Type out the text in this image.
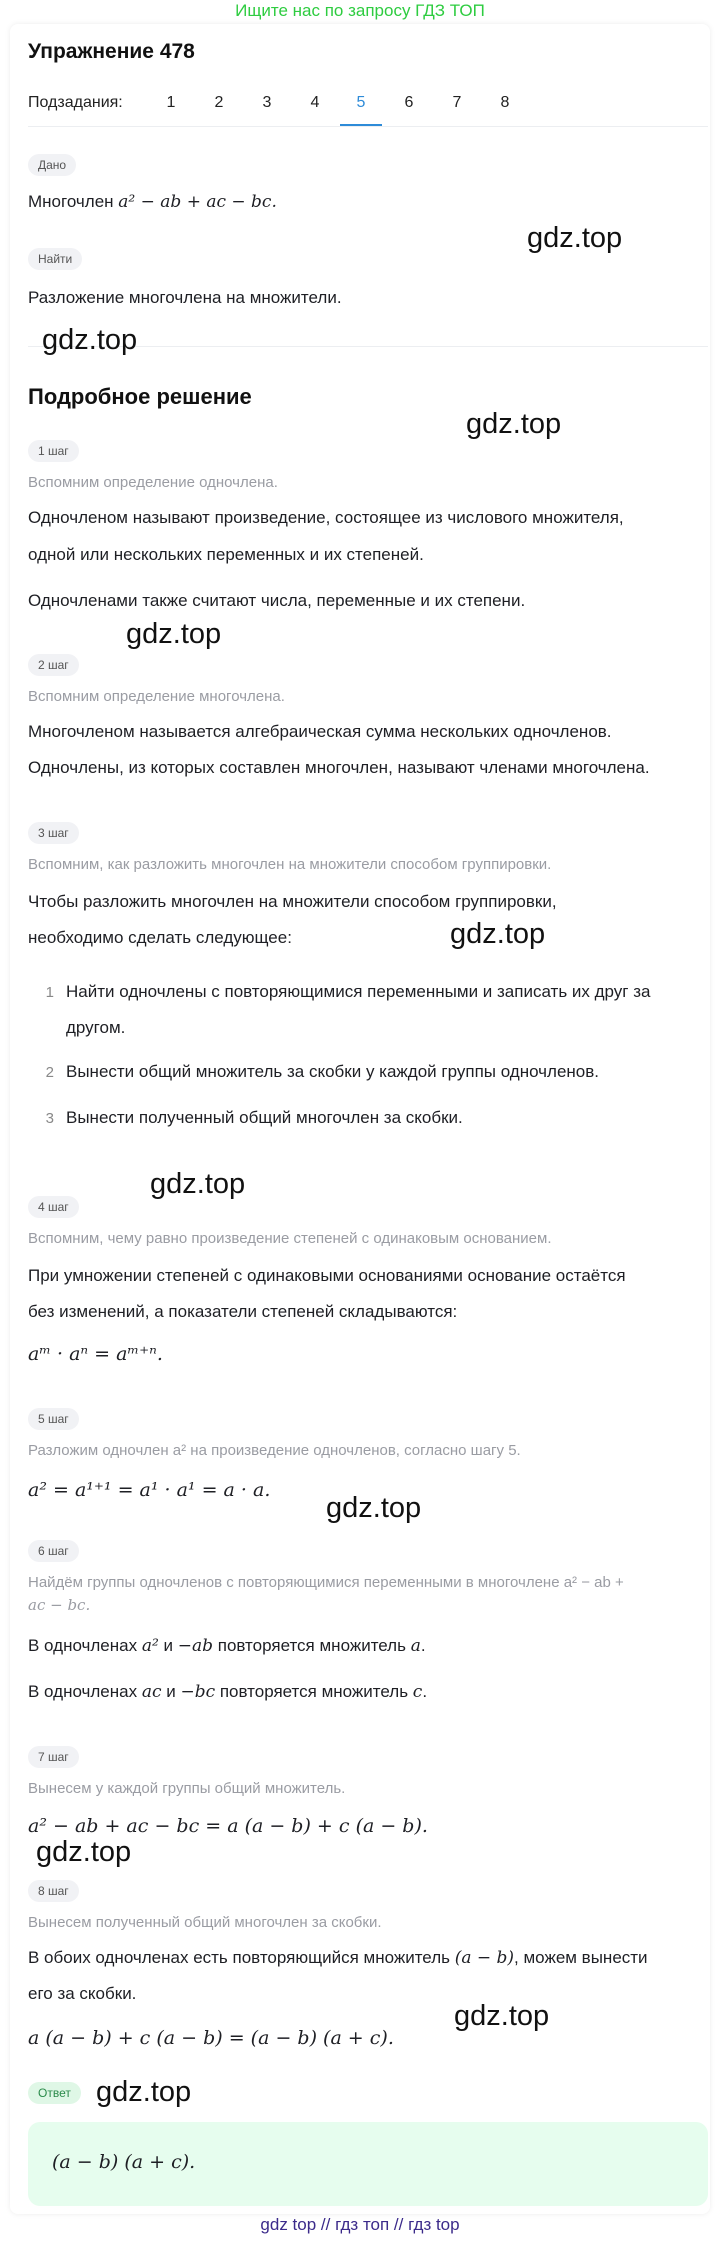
Ищите нас по запросу ГДЗ ТОП
Упражнение 478
Подзадания:	1	2	3	4	5	6	7	8
Дано
Многочлен a² − ab + ac − bc.
Найти
Разложение многочлена на множители.
Подробное решение
1 шаг
Вспомним определение одночлена.
Одночленом называют произведение, состоящее из числового множителя,
одной или нескольких переменных и их степеней.
Одночленами также считают числа, переменные и их степени.
2 шаг
Вспомним определение многочлена.
Многочленом называется алгебраическая сумма нескольких одночленов.
Одночлены, из которых составлен многочлен, называют членами многочлена.
3 шаг
Вспомним, как разложить многочлен на множители способом группировки.
Чтобы разложить многочлен на множители способом группировки,
необходимо сделать следующее:
1 Найти одночлены с повторяющимися переменными и записать их друг за
другом.
2 Вынести общий множитель за скобки у каждой группы одночленов.
3 Вынести полученный общий многочлен за скобки.
4 шаг
Вспомним, чему равно произведение степеней с одинаковым основанием.
При умножении степеней с одинаковыми основаниями основание остаётся
без изменений, а показатели степеней складываются:
aᵐ · aⁿ = aᵐ⁺ⁿ.
5 шаг
Разложим одночлен a² на произведение одночленов, согласно шагу 5.
a² = a¹⁺¹ = a¹ · a¹ = a · a.
6 шаг
Найдём группы одночленов с повторяющимися переменными в многочлене a² − ab +
ac − bc.
В одночленах a² и −ab повторяется множитель a.
В одночленах ac и −bc повторяется множитель c.
7 шаг
Вынесем у каждой группы общий множитель.
a² − ab + ac − bc = a (a − b) + c (a − b).
8 шаг
Вынесем полученный общий многочлен за скобки.
В обоих одночленах есть повторяющийся множитель (a − b), можем вынести
его за скобки.
a (a − b) + c (a − b) = (a − b) (a + c).
Ответ
(a − b) (a + c).
gdz.top
gdz.top
gdz.top
gdz.top
gdz.top
gdz.top
gdz.top
gdz.top
gdz.top
gdz.top
gdz top // гдз топ // гдз top
